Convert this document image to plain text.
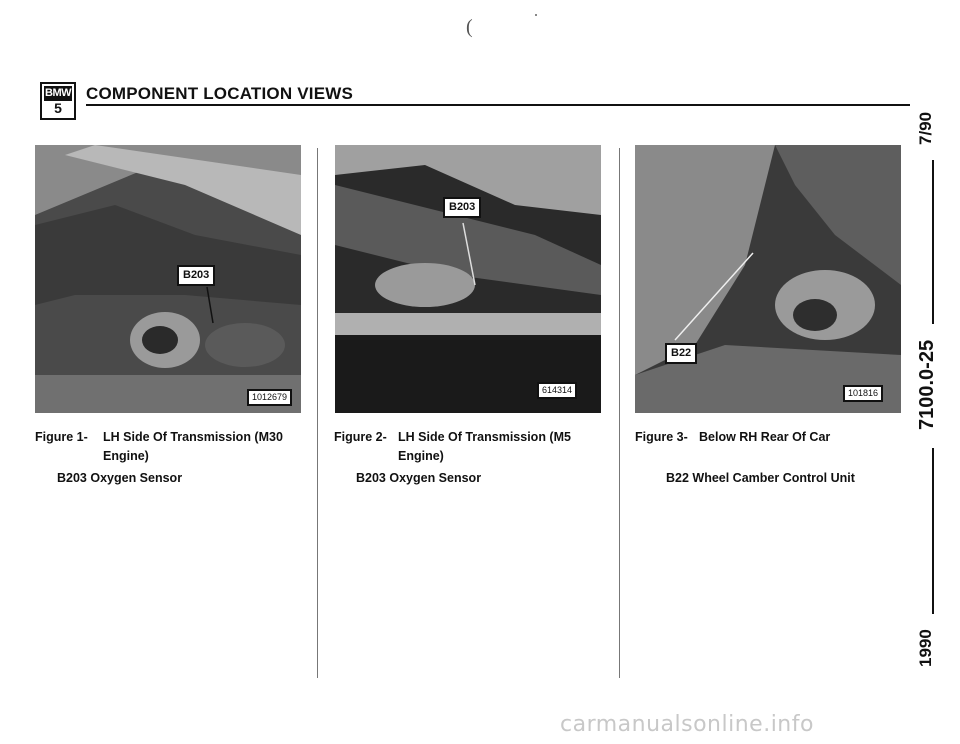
(
BMW
5
COMPONENT LOCATION VIEWS
7/90
7100.0-25
1990
B203
1012679
B203
614314
B22
101816
Figure 1- LH Side Of Transmission (M30
Engine)
Figure 2- LH Side Of Transmission (M5
Engine)
Figure 3- Below RH Rear Of Car
B203 Oxygen Sensor	B203 Oxygen Sensor	B22 Wheel Camber Control Unit
carmanualsonline.info
